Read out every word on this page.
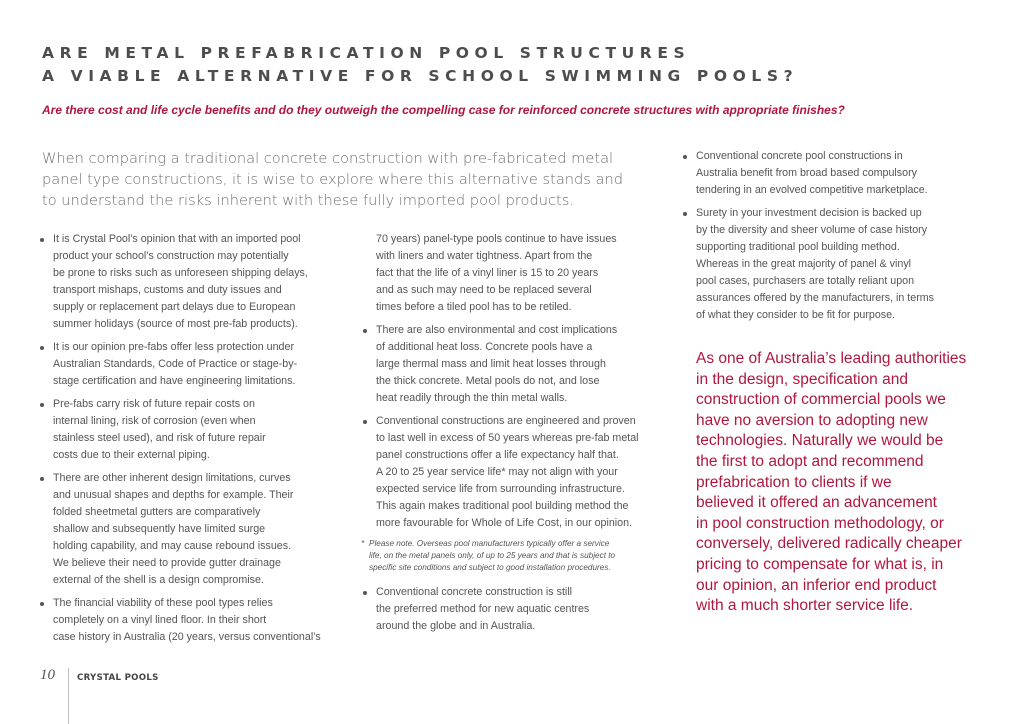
ARE METAL PREFABRICATION POOL STRUCTURES
A VIABLE ALTERNATIVE FOR SCHOOL SWIMMING POOLS?
Are there cost and life cycle benefits and do they outweigh the compelling case for reinforced concrete structures with appropriate finishes?
When comparing a traditional concrete construction with pre-fabricated metal
panel type constructions, it is wise to explore where this alternative stands and
to understand the risks inherent with these fully imported pool products.
It is Crystal Pool’s opinion that with an imported pool
product your school’s construction may potentially
be prone to risks such as unforeseen shipping delays,
transport mishaps, customs and duty issues and
supply or replacement part delays due to European
summer holidays (source of most pre-fab products).
It is our opinion pre-fabs offer less protection under
Australian Standards, Code of Practice or stage-by-
stage certification and have engineering limitations.
Pre-fabs carry risk of future repair costs on
internal lining, risk of corrosion (even when
stainless steel used), and risk of future repair
costs due to their external piping.
There are other inherent design limitations, curves
and unusual shapes and depths for example. Their
folded sheetmetal gutters are comparatively
shallow and subsequently have limited surge
holding capability, and may cause rebound issues.
We believe their need to provide gutter drainage
external of the shell is a design compromise.
The financial viability of these pool types relies
completely on a vinyl lined floor. In their short
case history in Australia (20 years, versus conventional’s
70 years) panel-type pools continue to have issues
with liners and water tightness. Apart from the
fact that the life of a vinyl liner is 15 to 20 years
and as such may need to be replaced several
times before a tiled pool has to be retiled.
There are also environmental and cost implications
of additional heat loss. Concrete pools have a
large thermal mass and limit heat losses through
the thick concrete. Metal pools do not, and lose
heat readily through the thin metal walls.
Conventional constructions are engineered and proven
to last well in excess of 50 years whereas pre-fab metal
panel constructions offer a life expectancy half that.
A 20 to 25 year service life* may not align with your
expected service life from surrounding infrastructure.
This again makes traditional pool building method the
more favourable for Whole of Life Cost, in our opinion.
* Please note. Overseas pool manufacturers typically offer a service
life, on the metal panels only, of up to 25 years and that is subject to
specific site conditions and subject to good installation procedures.
Conventional concrete construction is still
the preferred method for new aquatic centres
around the globe and in Australia.
Conventional concrete pool constructions in
Australia benefit from broad based compulsory
tendering in an evolved competitive marketplace.
Surety in your investment decision is backed up
by the diversity and sheer volume of case history
supporting traditional pool building method.
Whereas in the great majority of panel & vinyl
pool cases, purchasers are totally reliant upon
assurances offered by the manufacturers, in terms
of what they consider to be fit for purpose.
As one of Australia’s leading authorities
in the design, specification and
construction of commercial pools we
have no aversion to adopting new
technologies. Naturally we would be
the first to adopt and recommend
prefabrication to clients if we
believed it offered an advancement
in pool construction methodology, or
conversely, delivered radically cheaper
pricing to compensate for what is, in
our opinion, an inferior end product
with a much shorter service life.
10	CRYSTAL POOLS
